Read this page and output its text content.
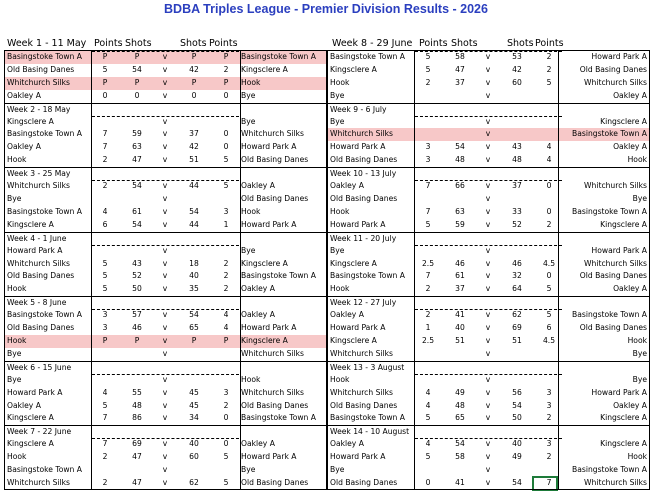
BDBA Triples League - Premier Division Results - 2026
Week 1 - 11 May Points Shots	Shots Points
Basingstoke Town A	P	P	v	P	P	Basingstoke Town A
Old Basing Danes	5	54	v	42	2	Kingsclere A
Whitchurch Silks	P	P	v	P	P	Hook
Oakley A	0	0	v	0	0	Bye
Week 2 - 18 May
Kingsclere A	v	Bye
Basingstoke Town A	7	59	v	37	0	Whitchurch Silks
Oakley A	7	63	v	42	0	Howard Park A
Hook	2	47	v	51	5	Old Basing Danes
Week 3 - 25 May
Whitchurch Silks	2	54	v	44	5	Oakley A
Bye	v	Old Basing Danes
Basingstoke Town A	4	61	v	54	3	Hook
Kingsclere A	6	54	v	44	1	Howard Park A
Week 4 - 1 June
Howard Park A	v	Bye
Whitchurch Silks	5	43	v	18	2	Kingsclere A
Old Basing Danes	5	52	v	40	2	Basingstoke Town A
Hook	5	50	v	35	2	Oakley A
Week 5 - 8 June
Basingstoke Town A	3	57	v	54	4	Oakley A
Old Basing Danes	3	46	v	65	4	Howard Park A
Hook	P	P	v	P	P	Kingsclere A
Bye	v	Whitchurch Silks
Week 6 - 15 June
Bye	v	Hook
Howard Park A	4	55	v	45	3	Whitchurch Silks
Oakley A	5	48	v	45	2	Old Basing Danes
Kingsclere A	7	86	v	34	0	Basingstoke Town A
Week 7 - 22 June
Kingsclere A	7	69	v	40	0	Oakley A
Hook	2	47	v	60	5	Howard Park A
Basingstoke Town A	v	Bye
Whitchurch Silks	2	47	v	62	5	Old Basing Danes
Week 8 - 29 June Points Shots	Shots Points
Basingstoke Town A	5	58	v	53	2	Howard Park A
Kingsclere A	5	47	v	42	2	Old Basing Danes
Hook	2	37	v	60	5	Whitchurch Silks
Bye	v	Oakley A
Week 9 - 6 July
Bye	v	Kingsclere A
Whitchurch Silks	v	Basingstoke Town A
Howard Park A	3	54	v	43	4	Oakley A
Old Basing Danes	3	48	v	48	4	Hook
Week 10 - 13 July
Oakley A	7	66	v	37	0	Whitchurch Silks
Old Basing Danes	v	Bye
Hook	7	63	v	33	0	Basingstoke Town A
Howard Park A	5	59	v	52	2	Kingsclere A
Week 11 - 20 July
Bye	v	Howard Park A
Kingsclere A	2.5	46	v	46	4.5	Whitchurch Silks
Basingstoke Town A	7	61	v	32	0	Old Basing Danes
Hook	2	37	v	64	5	Oakley A
Week 12 - 27 July
Oakley A	2	41	v	62	5	Basingstoke Town A
Howard Park A	1	40	v	69	6	Old Basing Danes
Kingsclere A	2.5	51	v	51	4.5	Hook
Whitchurch Silks	v	Bye
Week 13 - 3 August
Hook	v	Bye
Whitchurch Silks	4	49	v	56	3	Howard Park A
Old Basing Danes	4	48	v	54	3	Oakley A
Basingstoke Town A	5	65	v	50	2	Kingsclere A
Week 14 - 10 August
Oakley A	4	54	v	40	3	Kingsclere A
Howard Park A	5	58	v	49	2	Hook
Bye	v	Basingstoke Town A
Old Basing Danes	0	41	v	54	7	Whitchurch Silks
